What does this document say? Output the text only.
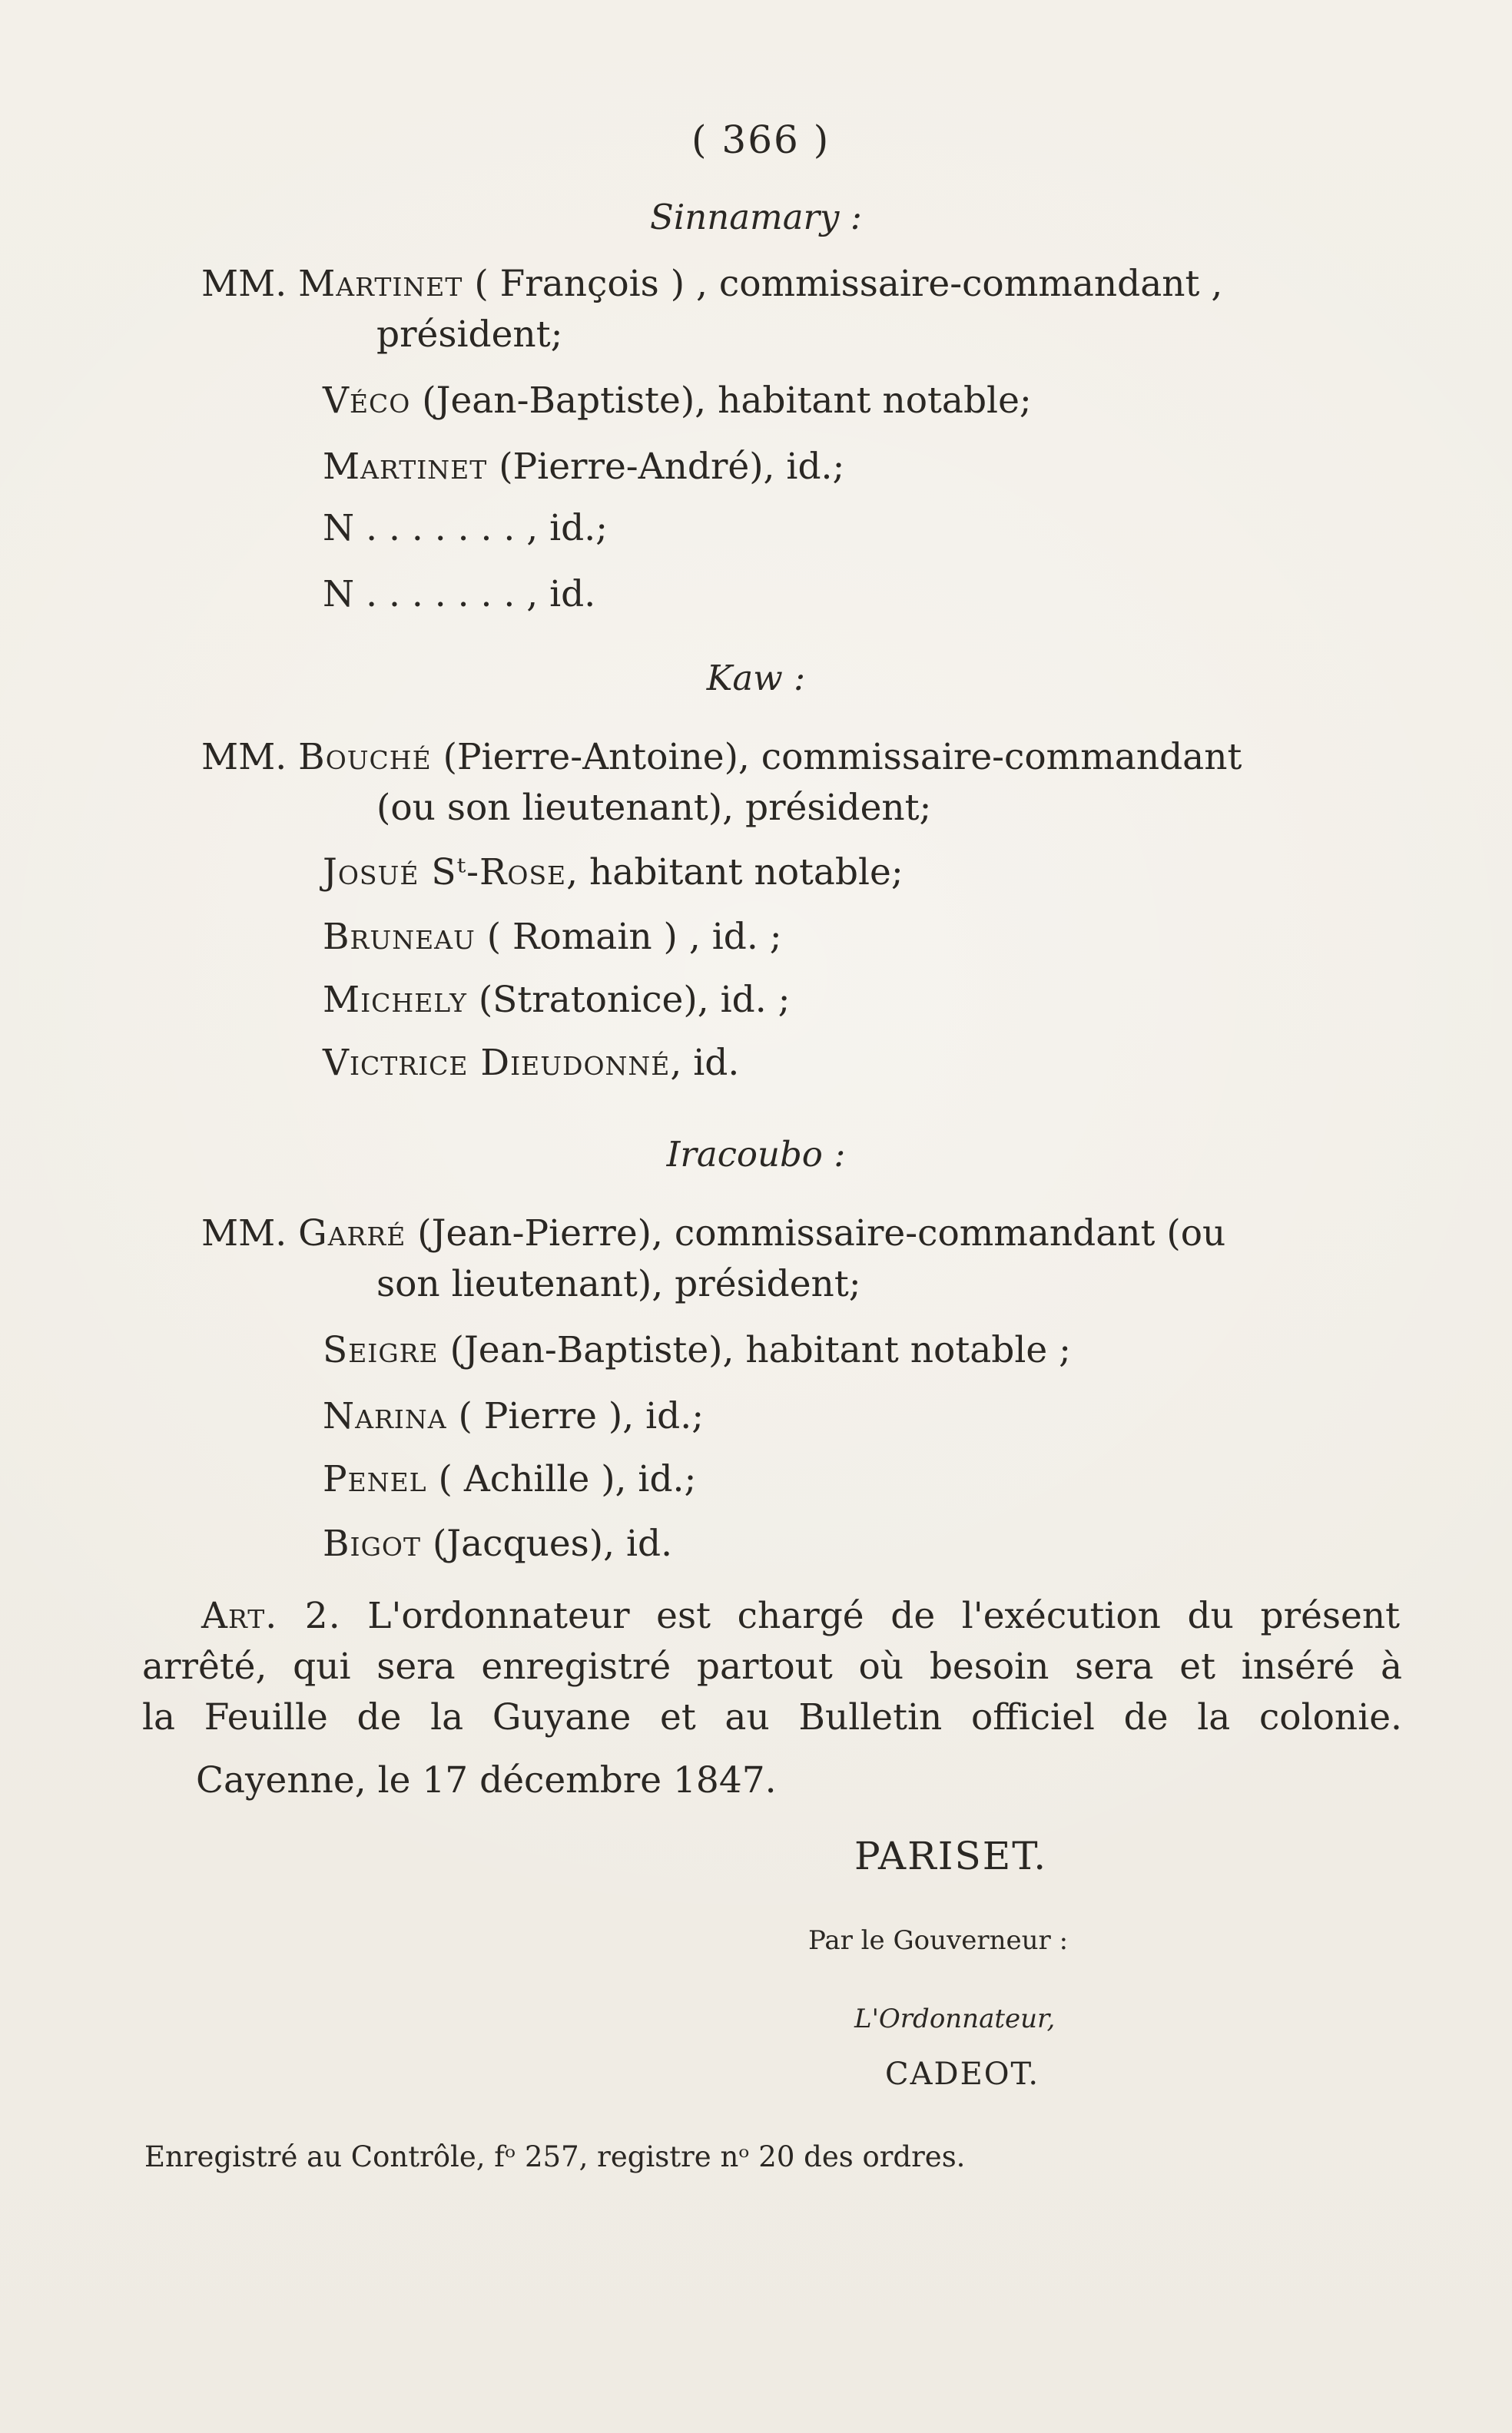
( 366 )
Sinnamary :
MM. Martinet ( François ) , commissaire-commandant ,
président;
Véco (Jean-Baptiste), habitant notable;
Martinet (Pierre-André), id.;
N . . . . . . . , id.;
N . . . . . . . , id.
Kaw :
MM. Bouché (Pierre-Antoine), commissaire-commandant
(ou son lieutenant), président;
Josué Sᵗ-Rose, habitant notable;
Bruneau ( Romain ) , id. ;
Michely (Stratonice), id. ;
Victrice Dieudonné, id.
Iracoubo :
MM. Garré (Jean-Pierre), commissaire-commandant (ou
son lieutenant), président;
Seigre (Jean-Baptiste), habitant notable ;
Narina ( Pierre ), id.;
Penel ( Achille ), id.;
Bigot (Jacques), id.
Art. 2. L'ordonnateur est chargé de l'exécution du présent
arrêté, qui sera enregistré partout où besoin sera et inséré à
la Feuille de la Guyane et au Bulletin officiel de la colonie.
Cayenne, le 17 décembre 1847.
PARISET.
Par le Gouverneur :
L'Ordonnateur,
CADEOT.
Enregistré au Contrôle, fᵒ 257, registre nᵒ 20 des ordres.
